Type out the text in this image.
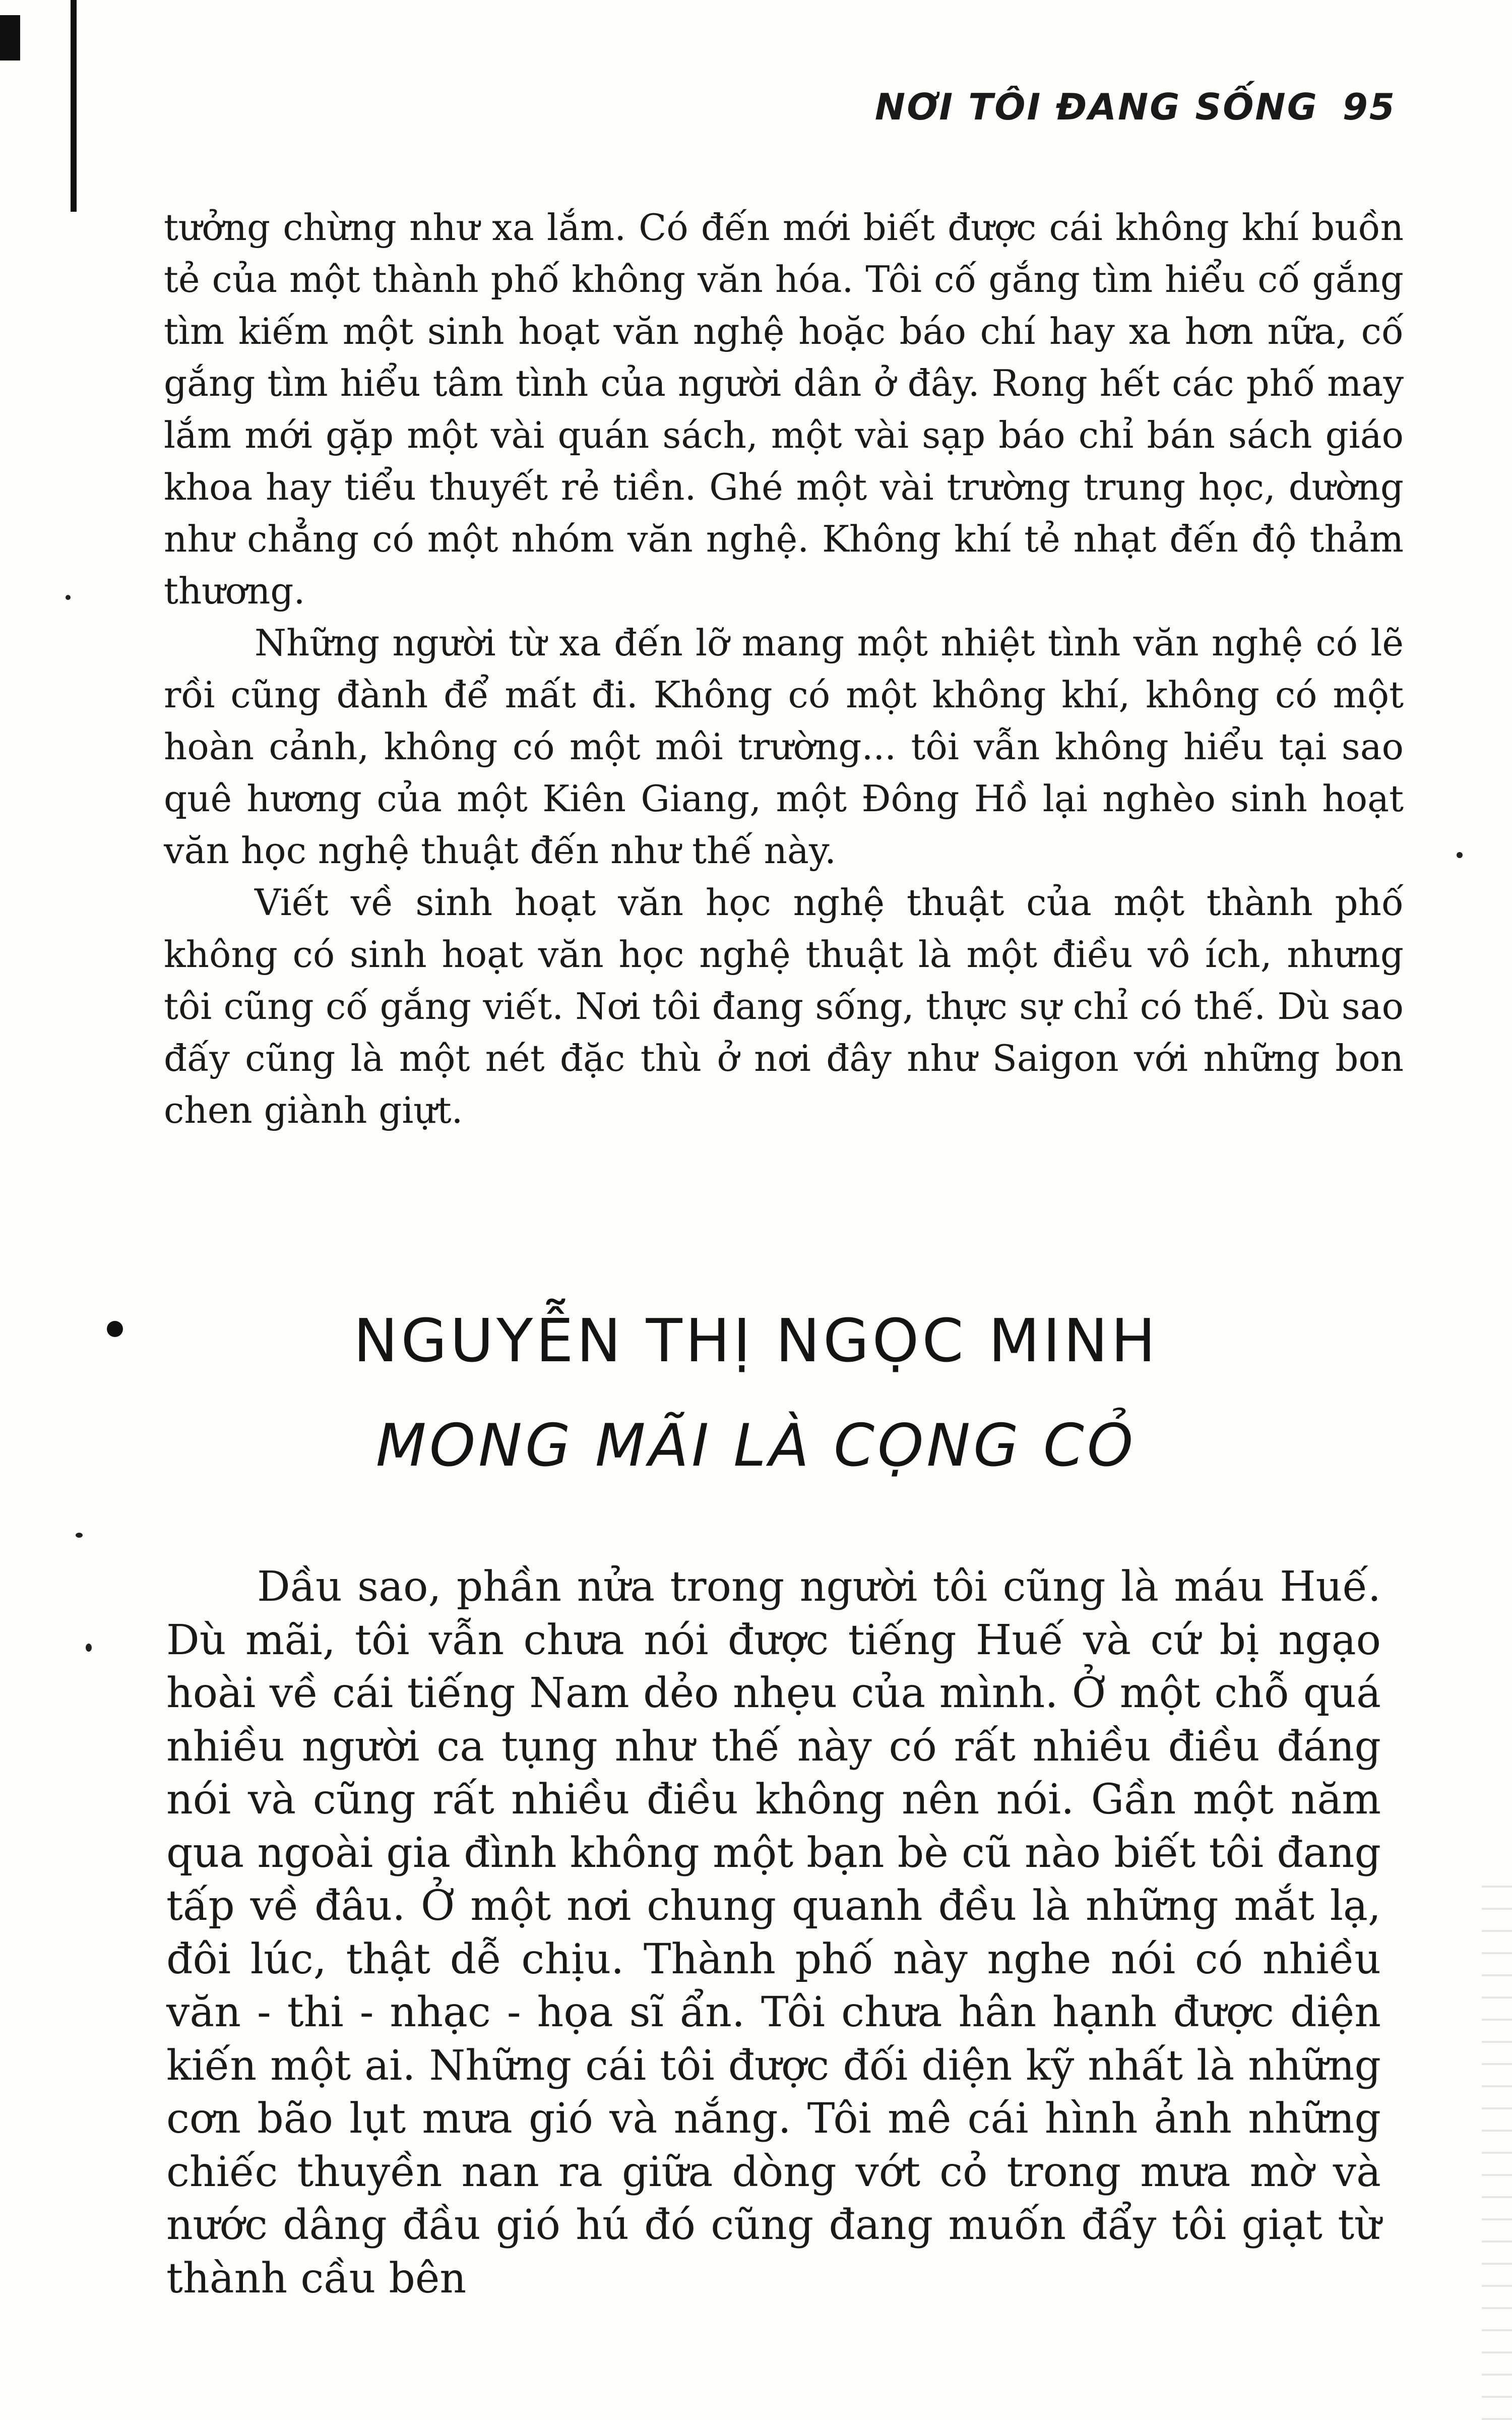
NƠI TÔI ĐANG SỐNG 95

tưởng chừng như xa lắm. Có đến mới biết được cái không khí buồn tẻ của một thành phố không văn hóa. Tôi cố gắng tìm hiểu cố gắng tìm kiếm một sinh hoạt văn nghệ hoặc báo chí hay xa hơn nữa, cố gắng tìm hiểu tâm tình của người dân ở đây. Rong hết các phố may lắm mới gặp một vài quán sách, một vài sạp báo chỉ bán sách giáo khoa hay tiểu thuyết rẻ tiền. Ghé một vài trường trung học, dường như chẳng có một nhóm văn nghệ. Không khí tẻ nhạt đến độ thảm thương.

Những người từ xa đến lỡ mang một nhiệt tình văn nghệ có lẽ rồi cũng đành để mất đi. Không có một không khí, không có một hoàn cảnh, không có một môi trường... tôi vẫn không hiểu tại sao quê hương của một Kiên Giang, một Đông Hồ lại nghèo sinh hoạt văn học nghệ thuật đến như thế này.

Viết về sinh hoạt văn học nghệ thuật của một thành phố không có sinh hoạt văn học nghệ thuật là một điều vô ích, nhưng tôi cũng cố gắng viết. Nơi tôi đang sống, thực sự chỉ có thế. Dù sao đấy cũng là một nét đặc thù ở nơi đây như Saigon với những bon chen giành giựt.

NGUYỄN THỊ NGỌC MINH
MONG MÃI LÀ CỌNG CỎ

Dầu sao, phần nửa trong người tôi cũng là máu Huế. Dù mãi, tôi vẫn chưa nói được tiếng Huế và cứ bị ngạo hoài về cái tiếng Nam dẻo nhẹu của mình. Ở một chỗ quá nhiều người ca tụng như thế này có rất nhiều điều đáng nói và cũng rất nhiều điều không nên nói. Gần một năm qua ngoài gia đình không một bạn bè cũ nào biết tôi đang tấp về đâu. Ở một nơi chung quanh đều là những mắt lạ, đôi lúc, thật dễ chịu. Thành phố này nghe nói có nhiều văn - thi - nhạc - họa sĩ ẩn. Tôi chưa hân hạnh được diện kiến một ai. Những cái tôi được đối diện kỹ nhất là những cơn bão lụt mưa gió và nắng. Tôi mê cái hình ảnh những chiếc thuyền nan ra giữa dòng vớt cỏ trong mưa mờ và nước dâng đầu gió hú đó cũng đang muốn đẩy tôi giạt từ thành cầu bên
